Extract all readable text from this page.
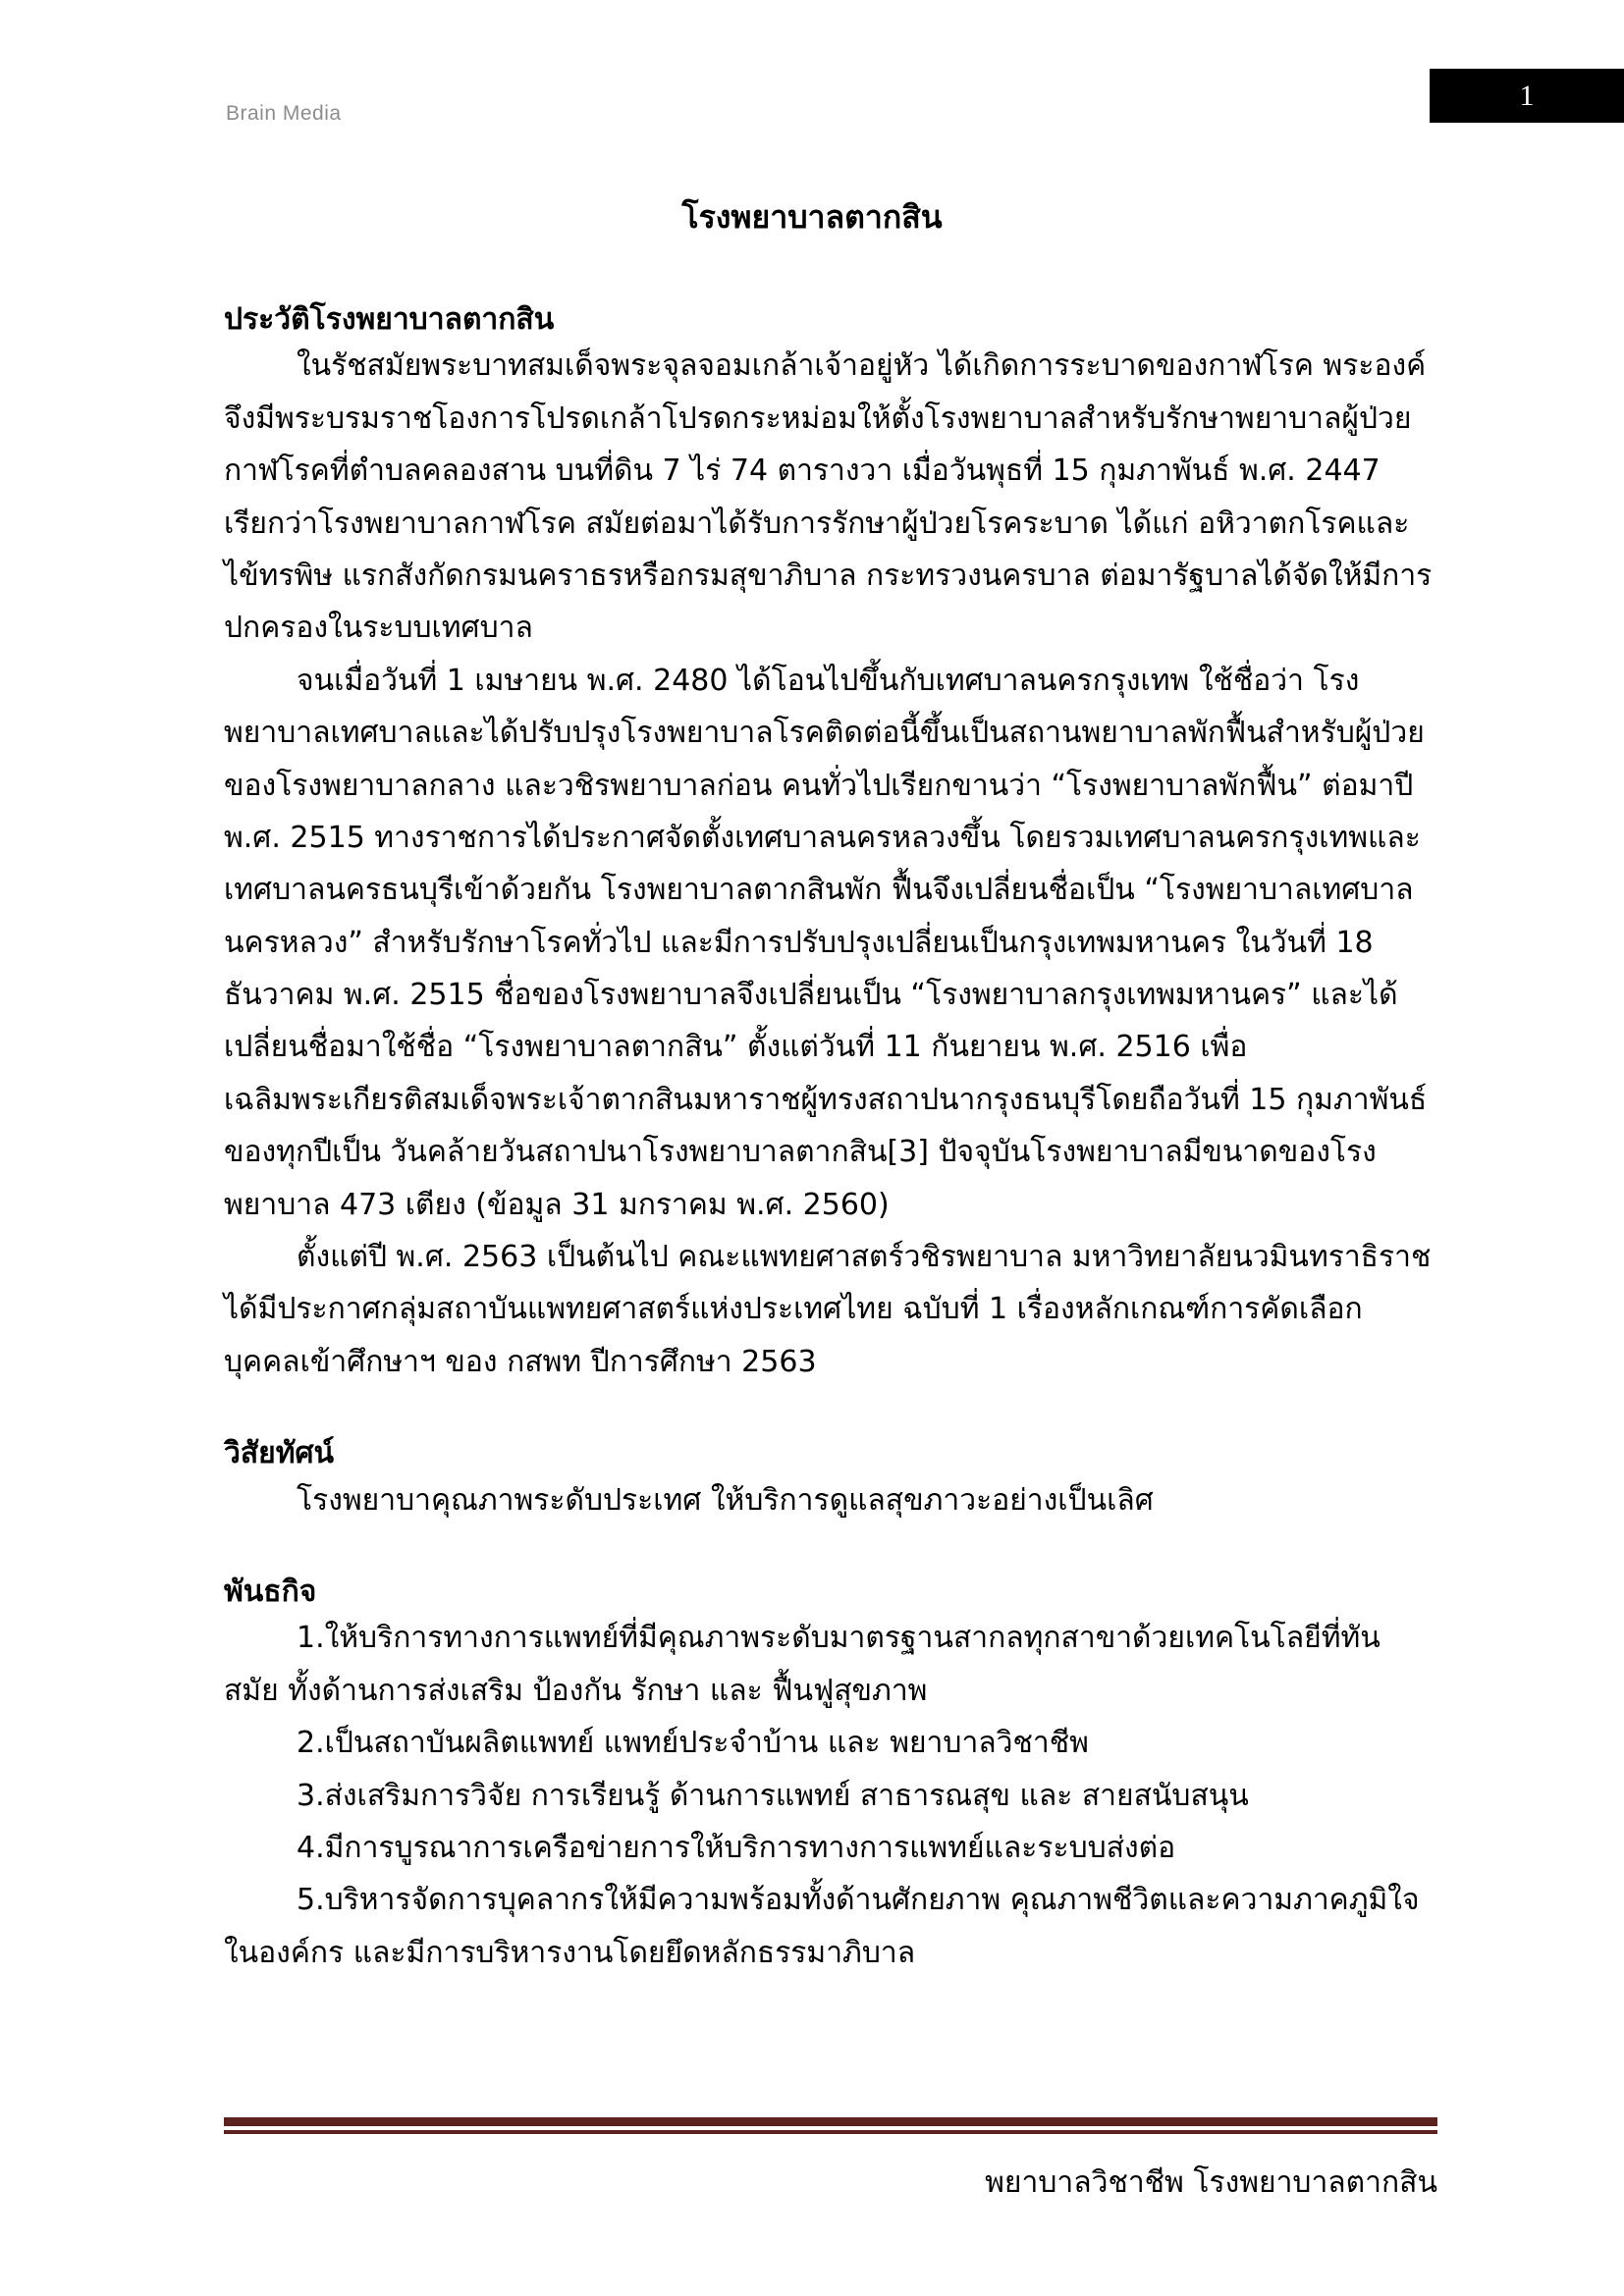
Brain Media
1
โรงพยาบาลตากสิน
ประวัติโรงพยาบาลตากสิน

ในรัชสมัยพระบาทสมเด็จพระจุลจอมเกล้าเจ้าอยู่หัว ได้เกิดการระบาดของกาฬโรค พระองค์จึงมีพระบรมราชโองการโปรดเกล้าโปรดกระหม่อมให้ตั้งโรงพยาบาลสำหรับรักษาพยาบาลผู้ป่วยกาฬโรคที่ตำบลคลองสาน บนที่ดิน 7 ไร่ 74 ตารางวา เมื่อวันพุธที่ 15 กุมภาพันธ์ พ.ศ. 2447 เรียกว่าโรงพยาบาลกาฬโรค สมัยต่อมาได้รับการรักษาผู้ป่วยโรคระบาด ได้แก่ อหิวาตกโรคและไข้ทรพิษ แรกสังกัดกรมนคราธรหรือกรมสุขาภิบาล กระทรวงนครบาล ต่อมารัฐบาลได้จัดให้มีการปกครองในระบบเทศบาล

จนเมื่อวันที่ 1 เมษายน พ.ศ. 2480 ได้โอนไปขึ้นกับเทศบาลนครกรุงเทพ ใช้ชื่อว่า โรงพยาบาลเทศบาลและได้ปรับปรุงโรงพยาบาลโรคติดต่อนี้ขึ้นเป็นสถานพยาบาลพักฟื้นสำหรับผู้ป่วยของโรงพยาบาลกลาง และวชิรพยาบาลก่อน คนทั่วไปเรียกขานว่า “โรงพยาบาลพักฟื้น” ต่อมาปี พ.ศ. 2515 ทางราชการได้ประกาศจัดตั้งเทศบาลนครหลวงขึ้น โดยรวมเทศบาลนครกรุงเทพและเทศบาลนครธนบุรีเข้าด้วยกัน โรงพยาบาลตากสินพัก ฟื้นจึงเปลี่ยนชื่อเป็น “โรงพยาบาลเทศบาลนครหลวง” สำหรับรักษาโรคทั่วไป และมีการปรับปรุงเปลี่ยนเป็นกรุงเทพมหานคร ในวันที่ 18 ธันวาคม พ.ศ. 2515 ชื่อของโรงพยาบาลจึงเปลี่ยนเป็น “โรงพยาบาลกรุงเทพมหานคร” และได้เปลี่ยนชื่อมาใช้ชื่อ “โรงพยาบาลตากสิน” ตั้งแต่วันที่ 11 กันยายน พ.ศ. 2516 เพื่อเฉลิมพระเกียรติสมเด็จพระเจ้าตากสินมหาราชผู้ทรงสถาปนากรุงธนบุรีโดยถือวันที่ 15 กุมภาพันธ์ของทุกปีเป็น วันคล้ายวันสถาปนาโรงพยาบาลตากสิน[3] ปัจจุบันโรงพยาบาลมีขนาดของโรงพยาบาล 473 เตียง (ข้อมูล 31 มกราคม พ.ศ. 2560)

ตั้งแต่ปี พ.ศ. 2563 เป็นต้นไป คณะแพทยศาสตร์วชิรพยาบาล มหาวิทยาลัยนวมินทราธิราช ได้มีประกาศกลุ่มสถาบันแพทยศาสตร์แห่งประเทศไทย ฉบับที่ 1 เรื่องหลักเกณฑ์การคัดเลือกบุคคลเข้าศึกษาฯ ของ กสพท ปีการศึกษา 2563

วิสัยทัศน์

โรงพยาบาคุณภาพระดับประเทศ ให้บริการดูแลสุขภาวะอย่างเป็นเลิศ

พันธกิจ

1.ให้บริการทางการแพทย์ที่มีคุณภาพระดับมาตรฐานสากลทุกสาขาด้วยเทคโนโลยีที่ทันสมัย ทั้งด้านการส่งเสริม ป้องกัน รักษา และ ฟื้นฟูสุขภาพ

2.เป็นสถาบันผลิตแพทย์ แพทย์ประจำบ้าน และ พยาบาลวิชาชีพ

3.ส่งเสริมการวิจัย การเรียนรู้ ด้านการแพทย์ สาธารณสุข และ สายสนับสนุน

4.มีการบูรณาการเครือข่ายการให้บริการทางการแพทย์และระบบส่งต่อ

5.บริหารจัดการบุคลากรให้มีความพร้อมทั้งด้านศักยภาพ คุณภาพชีวิตและความภาคภูมิใจในองค์กร และมีการบริหารงานโดยยึดหลักธรรมาภิบาล

พยาบาลวิชาชีพ โรงพยาบาลตากสิน
